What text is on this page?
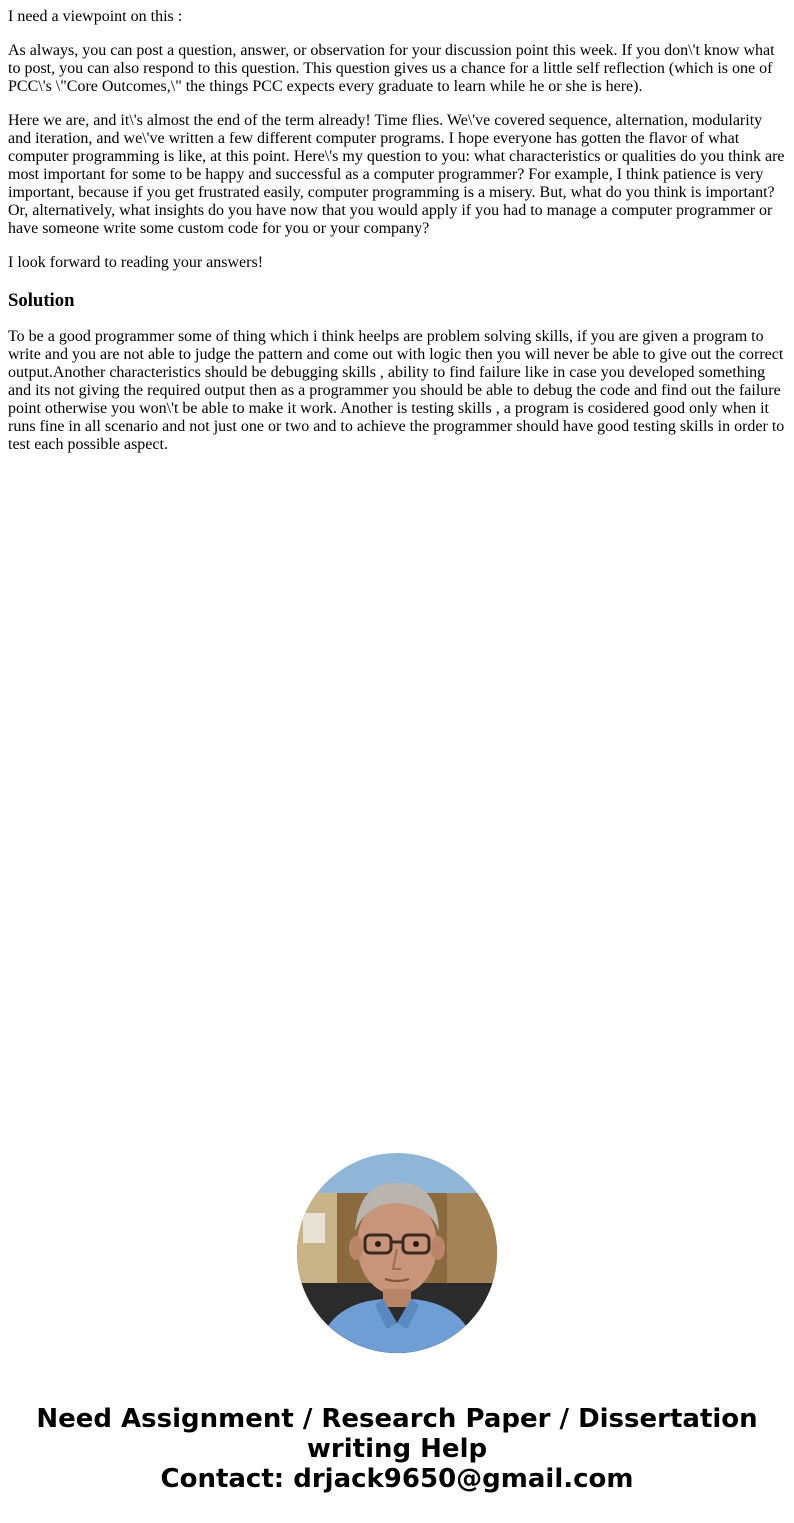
I need a viewpoint on this :

As always, you can post a question, answer, or observation for your discussion point this week. If you don\'t know what to post, you can also respond to this question. This question gives us a chance for a little self reflection (which is one of PCC\'s \"Core Outcomes,\" the things PCC expects every graduate to learn while he or she is here).

Here we are, and it\'s almost the end of the term already! Time flies. We\'ve covered sequence, alternation, modularity and iteration, and we\'ve written a few different computer programs. I hope everyone has gotten the flavor of what computer programming is like, at this point. Here\'s my question to you: what characteristics or qualities do you think are most important for some to be happy and successful as a computer programmer? For example, I think patience is very important, because if you get frustrated easily, computer programming is a misery. But, what do you think is important? Or, alternatively, what insights do you have now that you would apply if you had to manage a computer programmer or have someone write some custom code for you or your company?

I look forward to reading your answers!

Solution

To be a good programmer some of thing which i think heelps are problem solving skills, if you are given a program to write and you are not able to judge the pattern and come out with logic then you will never be able to give out the correct output.Another characteristics should be debugging skills , ability to find failure like in case you developed something and its not giving the required output then as a programmer you should be able to debug the code and find out the failure point otherwise you won\'t be able to make it work. Another is testing skills , a program is cosidered good only when it runs fine in all scenario and not just one or two and to achieve the programmer should have good testing skills in order to test each possible aspect.

Need Assignment / Research Paper / Dissertation
writing Help
Contact: drjack9650@gmail.com
